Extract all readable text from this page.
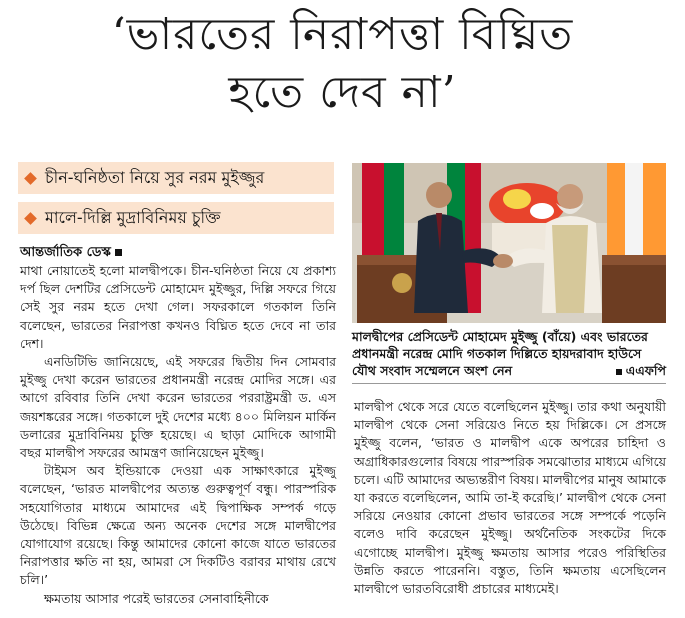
‘ভারতের নিরাপত্তা বিঘ্নিত
হতে দেব না’
চীন-ঘনিষ্ঠতা নিয়ে সুর নরম মুইজ্জুর
মালে-দিল্লি মুদ্রাবিনিময় চুক্তি
আন্তর্জাতিক ডেস্ক

মাথা নোয়াতেই হলো মালদ্বীপকে। চীন-ঘনিষ্ঠতা নিয়ে যে প্রকাশ্য দর্প ছিল দেশটির প্রেসিডেন্ট মোহামেদ মুইজ্জুর, দিল্লি সফরে গিয়ে সেই সুর নরম হতে দেখা গেল। সফরকালে গতকাল তিনি বলেছেন, ভারতের নিরাপত্তা কখনও বিঘ্নিত হতে দেবে না তার দেশ।

এনডিটিভি জানিয়েছে, এই সফরের দ্বিতীয় দিন সোমবার মুইজ্জু দেখা করেন ভারতের প্রধানমন্ত্রী নরেন্দ্র মোদির সঙ্গে। এর আগে রবিবার তিনি দেখা করেন ভারতের পররাষ্ট্রমন্ত্রী ড. এস জয়শঙ্করের সঙ্গে। গতকালে দুই দেশের মধ্যে ৪০০ মিলিয়ন মার্কিন ডলারের মুদ্রাবিনিময় চুক্তি হয়েছে। এ ছাড়া মোদিকে আগামী বছর মালদ্বীপ সফরের আমন্ত্রণ জানিয়েছেন মুইজ্জু।

টাইমস অব ইন্ডিয়াকে দেওয়া এক সাক্ষাৎকারে মুইজ্জু বলেছেন, ‘ভারত মালদ্বীপের অত্যন্ত গুরুত্বপূর্ণ বন্ধু। পারস্পরিক সহযোগিতার মাধ্যমে আমাদের এই দ্বিপাক্ষিক সম্পর্ক গড়ে উঠেছে। বিভিন্ন ক্ষেত্রে অন্য অনেক দেশের সঙ্গে মালদ্বীপের যোগাযোগ রয়েছে। কিন্তু আমাদের কোনো কাজে যাতে ভারতের নিরাপত্তার ক্ষতি না হয়, আমরা সে দিকটিও বরাবর মাথায় রেখে চলি।’

ক্ষমতায় আসার পরেই ভারতের সেনাবাহিনীকে

মালদ্বীপের প্রেসিডেন্ট মোহামেদ মুইজ্জু (বাঁয়ে) এবং ভারতের প্রধানমন্ত্রী নরেন্দ্র মোদি গতকাল দিল্লিতে হায়দরাবাদ হাউসে যৌথ সংবাদ সম্মেলনে অংশ নেন	এএফপি

মালদ্বীপ থেকে সরে যেতে বলেছিলেন মুইজ্জু। তার কথা অনুযায়ী মালদ্বীপ থেকে সেনা সরিয়েও নিতে হয় দিল্লিকে। সে প্রসঙ্গে মুইজ্জু বলেন, ‘ভারত ও মালদ্বীপ একে অপরের চাহিদা ও অগ্রাধিকারগুলোর বিষয়ে পারস্পরিক সমঝোতার মাধ্যমে এগিয়ে চলে। এটি আমাদের অভ্যন্তরীণ বিষয়। মালদ্বীপের মানুষ আমাকে যা করতে বলেছিলেন, আমি তা-ই করেছি।’ মালদ্বীপ থেকে সেনা সরিয়ে নেওয়ার কোনো প্রভাব ভারতের সঙ্গে সম্পর্কে পড়েনি বলেও দাবি করেছেন মুইজ্জু। অর্থনৈতিক সংকটের দিকে এগোচ্ছে মালদ্বীপ। মুইজ্জু ক্ষমতায় আসার পরেও পরিস্থিতির উন্নতি করতে পারেননি। বস্তুত, তিনি ক্ষমতায় এসেছিলেন মালদ্বীপে ভারতবিরোধী প্রচারের মাধ্যমেই।
